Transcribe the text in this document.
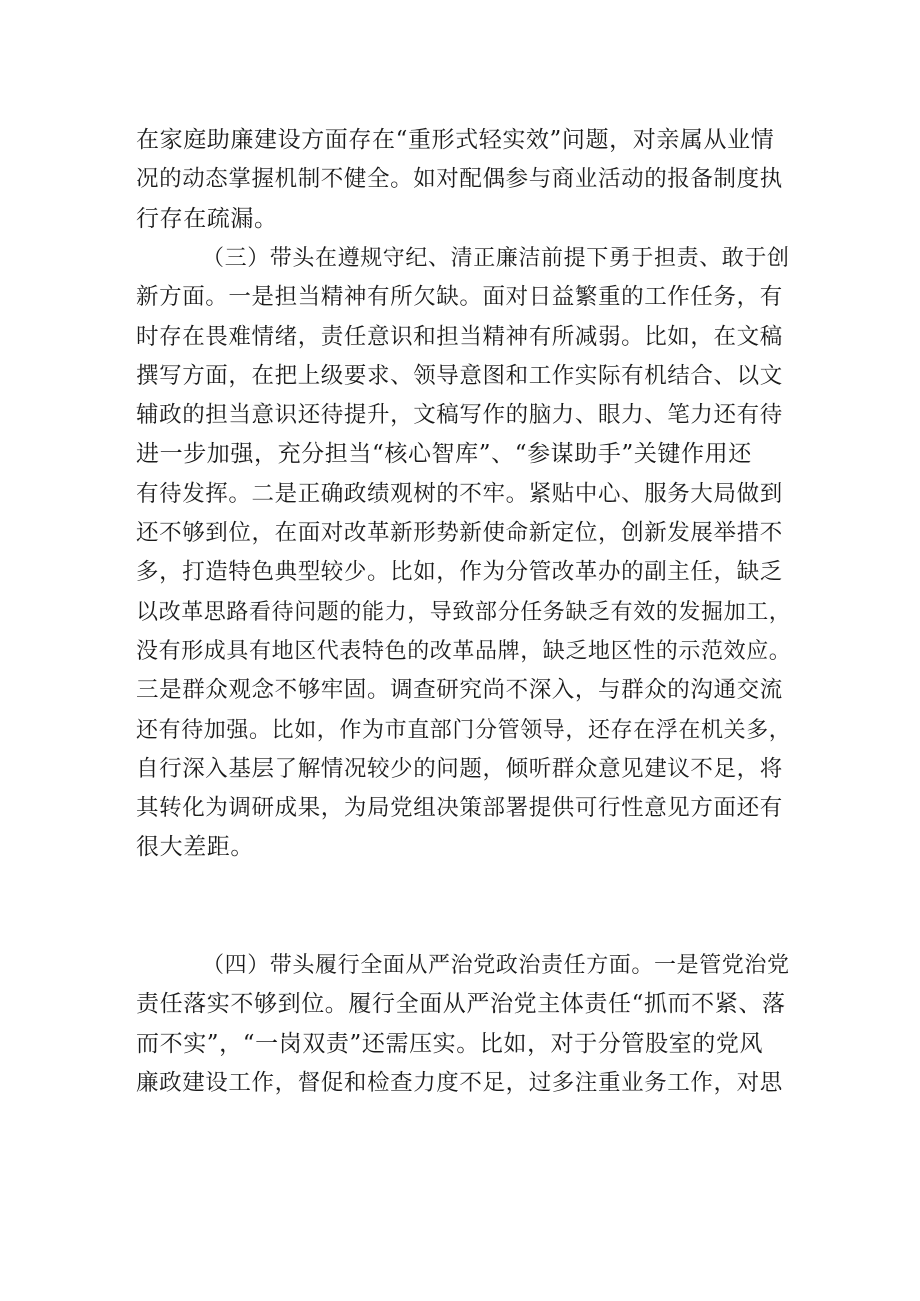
在家庭助廉建设方面存在“重形式轻实效”问题，对亲属从业情
况的动态掌握机制不健全。如对配偶参与商业活动的报备制度执
行存在疏漏。
（三）带头在遵规守纪、清正廉洁前提下勇于担责、敢于创
新方面。一是担当精神有所欠缺。面对日益繁重的工作任务，有
时存在畏难情绪，责任意识和担当精神有所减弱。比如，在文稿
撰写方面，在把上级要求、领导意图和工作实际有机结合、以文
辅政的担当意识还待提升，文稿写作的脑力、眼力、笔力还有待
进一步加强，充分担当“核心智库”、“参谋助手”关键作用还
有待发挥。二是正确政绩观树的不牢。紧贴中心、服务大局做到
还不够到位，在面对改革新形势新使命新定位，创新发展举措不
多，打造特色典型较少。比如，作为分管改革办的副主任，缺乏
以改革思路看待问题的能力，导致部分任务缺乏有效的发掘加工，
没有形成具有地区代表特色的改革品牌，缺乏地区性的示范效应。
三是群众观念不够牢固。调查研究尚不深入，与群众的沟通交流
还有待加强。比如，作为市直部门分管领导，还存在浮在机关多，
自行深入基层了解情况较少的问题，倾听群众意见建议不足，将
其转化为调研成果，为局党组决策部署提供可行性意见方面还有
很大差距。
（四）带头履行全面从严治党政治责任方面。一是管党治党
责任落实不够到位。履行全面从严治党主体责任“抓而不紧、落
而不实”，“一岗双责”还需压实。比如，对于分管股室的党风
廉政建设工作，督促和检查力度不足，过多注重业务工作，对思
